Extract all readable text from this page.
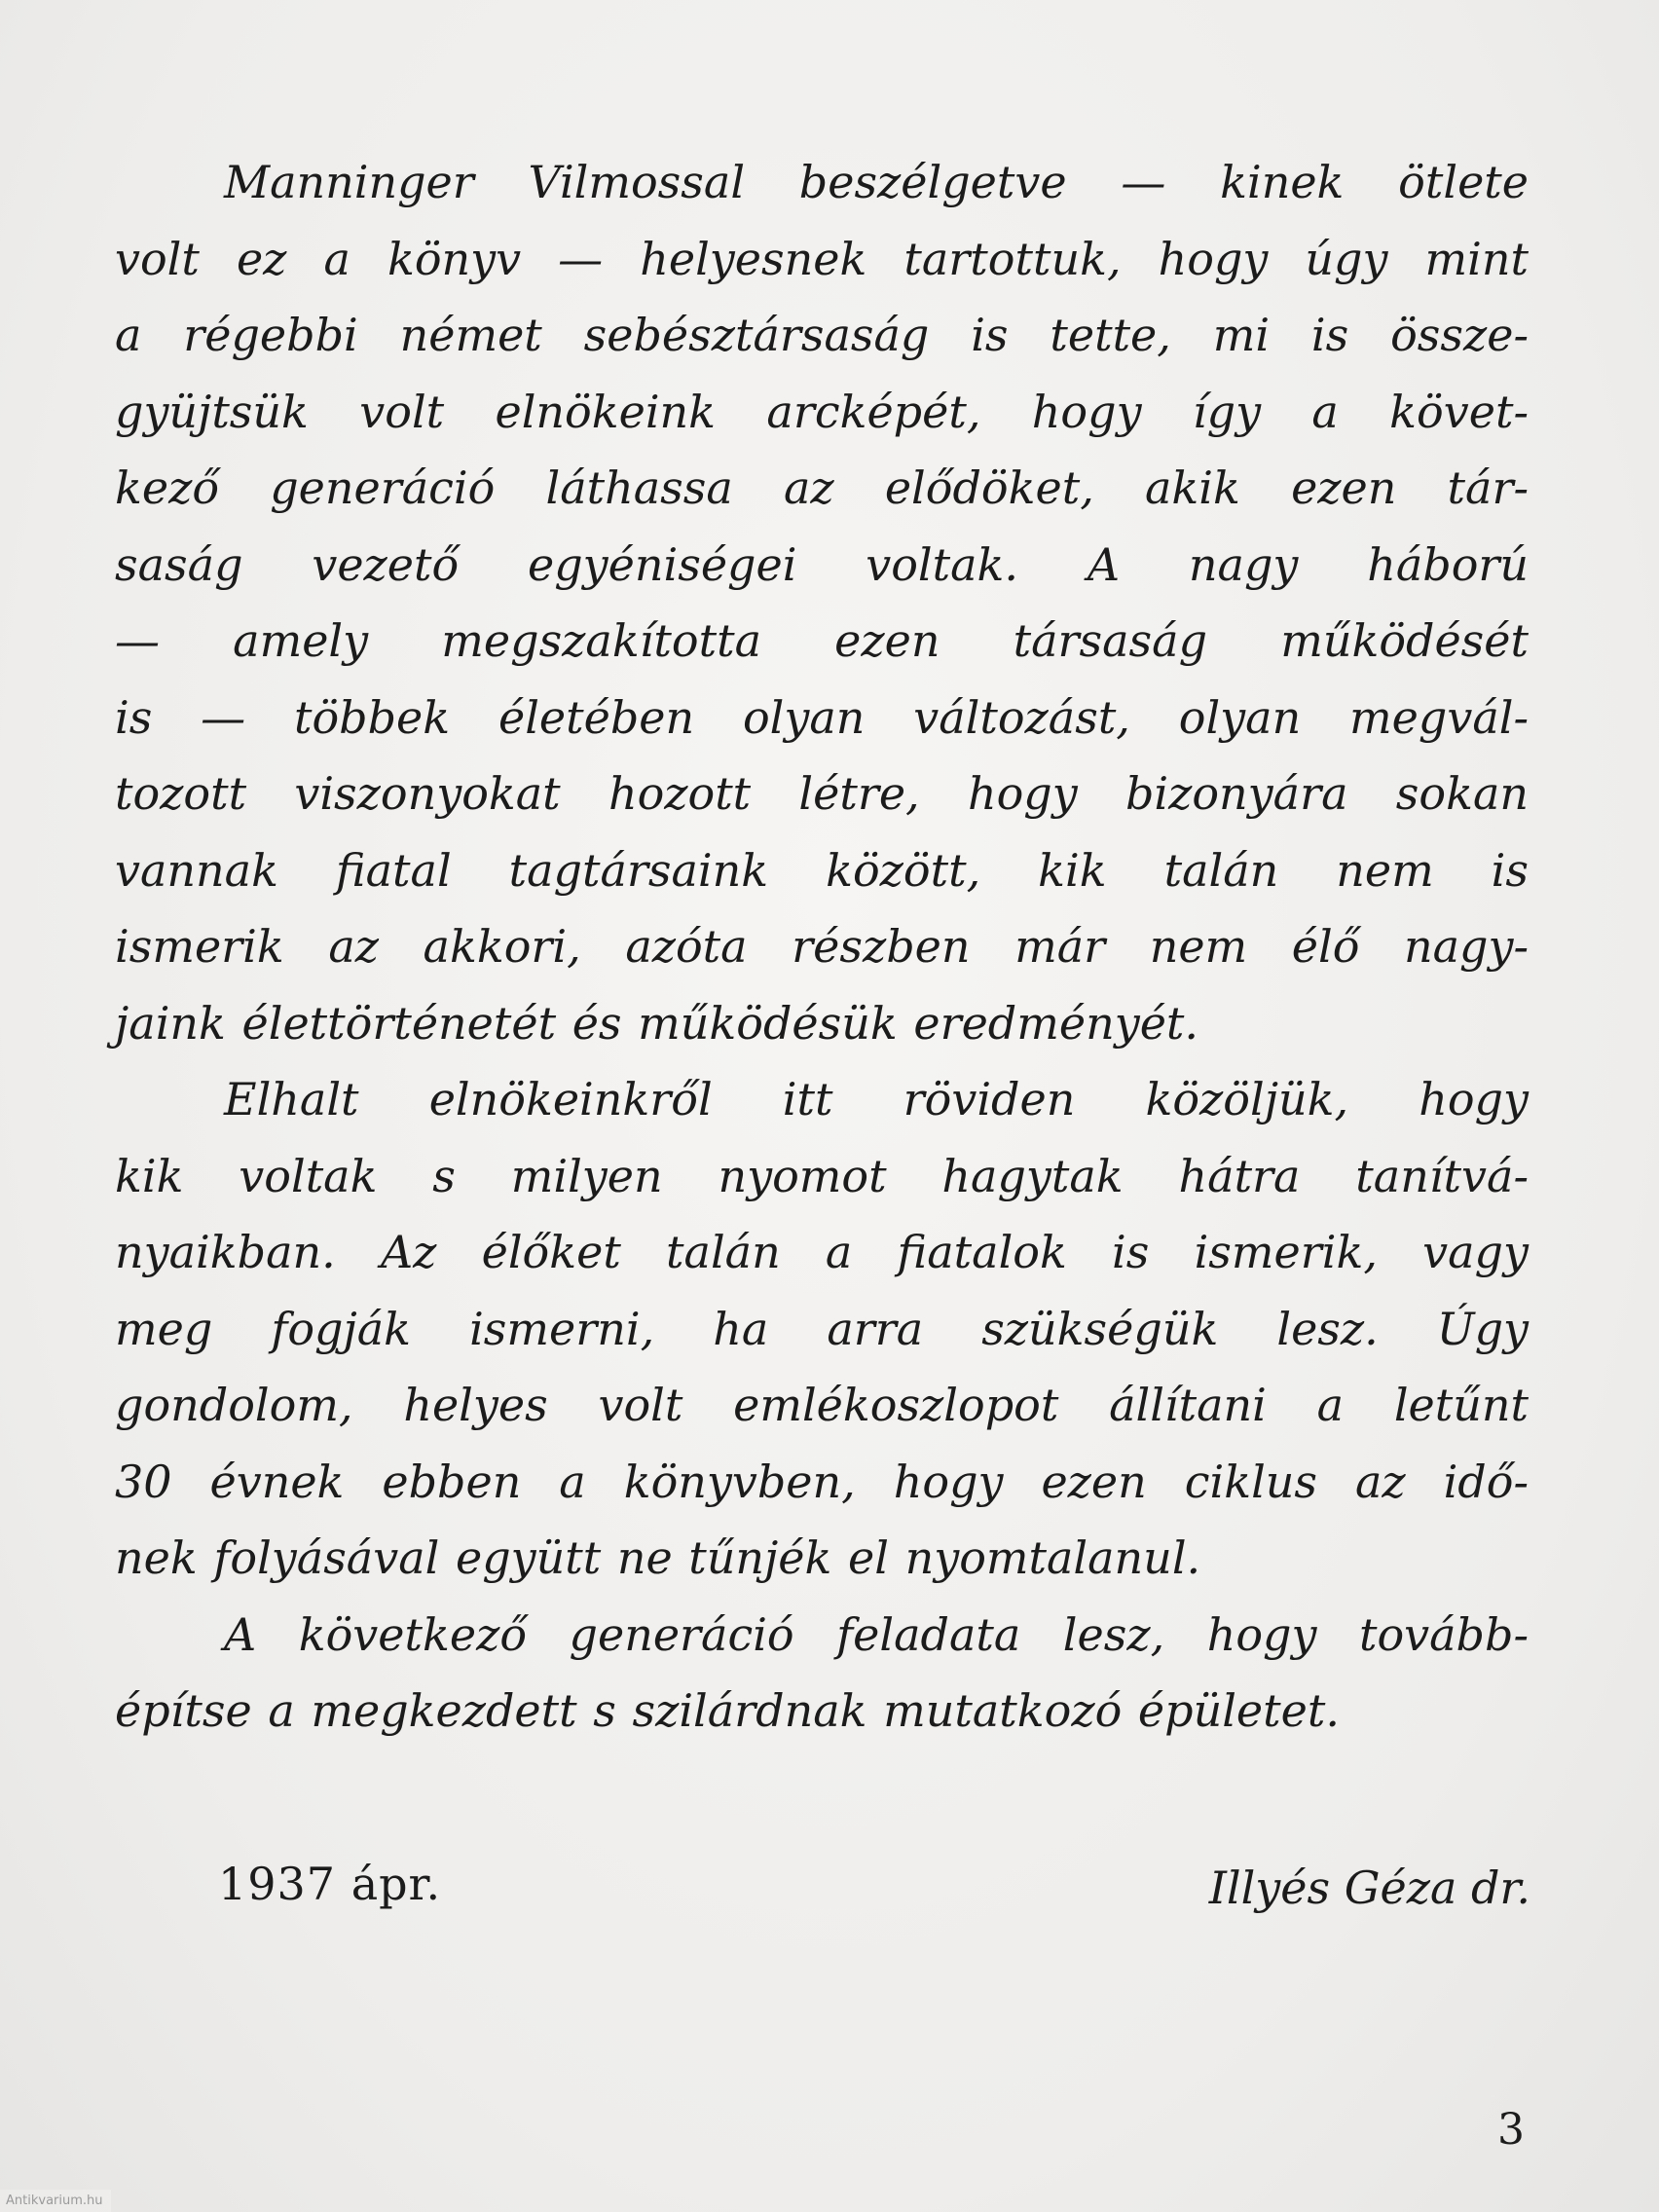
Manninger Vilmossal beszélgetve — kinek ötlete
volt ez a könyv — helyesnek tartottuk, hogy úgy mint
a régebbi német sebésztársaság is tette, mi is össze-
gyüjtsük volt elnökeink arcképét, hogy így a követ-
kező generáció láthassa az elődöket, akik ezen tár-
saság vezető egyéniségei voltak. A nagy háború
— amely megszakította ezen társaság működését
is — többek életében olyan változást, olyan megvál-
tozott viszonyokat hozott létre, hogy bizonyára sokan
vannak fiatal tagtársaink között, kik talán nem is
ismerik az akkori, azóta részben már nem élő nagy-
jaink élettörténetét és működésük eredményét.
Elhalt elnökeinkről itt röviden közöljük, hogy
kik voltak s milyen nyomot hagytak hátra tanítvá-
nyaikban. Az élőket talán a fiatalok is ismerik, vagy
meg fogják ismerni, ha arra szükségük lesz. Úgy
gondolom, helyes volt emlékoszlopot állítani a letűnt
30 évnek ebben a könyvben, hogy ezen ciklus az idő-
nek folyásával együtt ne tűnjék el nyomtalanul.
A következő generáció feladata lesz, hogy tovább-
építse a megkezdett s szilárdnak mutatkozó épületet.
1937 ápr.	Illyés Géza dr.
3
Antikvarium.hu
